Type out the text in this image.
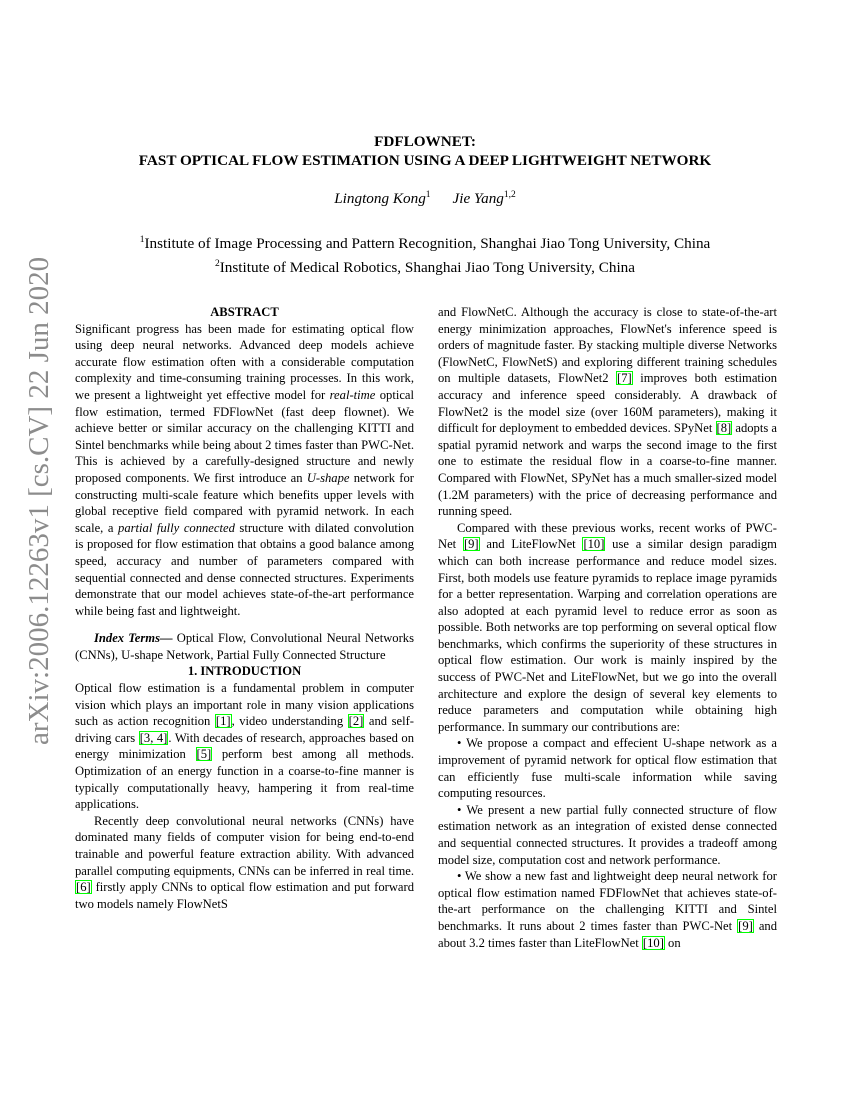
arXiv:2006.12263v1 [cs.CV] 22 Jun 2020
FDFLOWNET:
FAST OPTICAL FLOW ESTIMATION USING A DEEP LIGHTWEIGHT NETWORK
Lingtong Kong$^1$ Jie Yang$^{1,2}$
$^1$Institute of Image Processing and Pattern Recognition, Shanghai Jiao Tong University, China
$^2$Institute of Medical Robotics, Shanghai Jiao Tong University, China

ABSTRACT

Significant progress has been made for estimating optical flow using deep neural networks. Advanced deep models achieve accurate flow estimation often with a considerable computation complexity and time-consuming training processes. In this work, we present a lightweight yet effective model for real-time optical flow estimation, termed FDFlowNet (fast deep flownet). We achieve better or similar accuracy on the challenging KITTI and Sintel benchmarks while being about 2 times faster than PWC-Net. This is achieved by a carefully-designed structure and newly proposed components. We first introduce an U-shape network for constructing multi-scale feature which benefits upper levels with global receptive field compared with pyramid network. In each scale, a partial fully connected structure with dilated convolution is proposed for flow estimation that obtains a good balance among speed, accuracy and number of parameters compared with sequential connected and dense connected structures. Experiments demonstrate that our model achieves state-of-the-art performance while being fast and lightweight.

Index Terms— Optical Flow, Convolutional Neural Networks (CNNs), U-shape Network, Partial Fully Connected Structure

1. INTRODUCTION

Optical flow estimation is a fundamental problem in computer vision which plays an important role in many vision applications such as action recognition [1], video understanding [2] and self-driving cars [3, 4]. With decades of research, approaches based on energy minimization [5] perform best among all methods. Optimization of an energy function in a coarse-to-fine manner is typically computationally heavy, hampering it from real-time applications.

Recently deep convolutional neural networks (CNNs) have dominated many fields of computer vision for being end-to-end trainable and powerful feature extraction ability. With advanced parallel computing equipments, CNNs can be inferred in real time. [6] firstly apply CNNs to optical flow estimation and put forward two models namely FlowNetS

and FlowNetC. Although the accuracy is close to state-of-the-art energy minimization approaches, FlowNet's inference speed is orders of magnitude faster. By stacking multiple diverse Networks (FlowNetC, FlowNetS) and exploring different training schedules on multiple datasets, FlowNet2 [7] improves both estimation accuracy and inference speed considerably. A drawback of FlowNet2 is the model size (over 160M parameters), making it difficult for deployment to embedded devices. SPyNet [8] adopts a spatial pyramid network and warps the second image to the first one to estimate the residual flow in a coarse-to-fine manner. Compared with FlowNet, SPyNet has a much smaller-sized model (1.2M parameters) with the price of decreasing performance and running speed.

Compared with these previous works, recent works of PWC-Net [9] and LiteFlowNet [10] use a similar design paradigm which can both increase performance and reduce model sizes. First, both models use feature pyramids to replace image pyramids for a better representation. Warping and correlation operations are also adopted at each pyramid level to reduce error as soon as possible. Both networks are top performing on several optical flow benchmarks, which confirms the superiority of these structures in optical flow estimation. Our work is mainly inspired by the success of PWC-Net and LiteFlowNet, but we go into the overall architecture and explore the design of several key elements to reduce parameters and computation while obtaining high performance. In summary our contributions are:

• We propose a compact and effecient U-shape network as a improvement of pyramid network for optical flow estimation that can efficiently fuse multi-scale information while saving computing resources.

• We present a new partial fully connected structure of flow estimation network as an integration of existed dense connected and sequential connected structures. It provides a tradeoff among model size, computation cost and network performance.

• We show a new fast and lightweight deep neural network for optical flow estimation named FDFlowNet that achieves state-of-the-art performance on the challenging KITTI and Sintel benchmarks. It runs about 2 times faster than PWC-Net [9] and about 3.2 times faster than LiteFlowNet [10] on
